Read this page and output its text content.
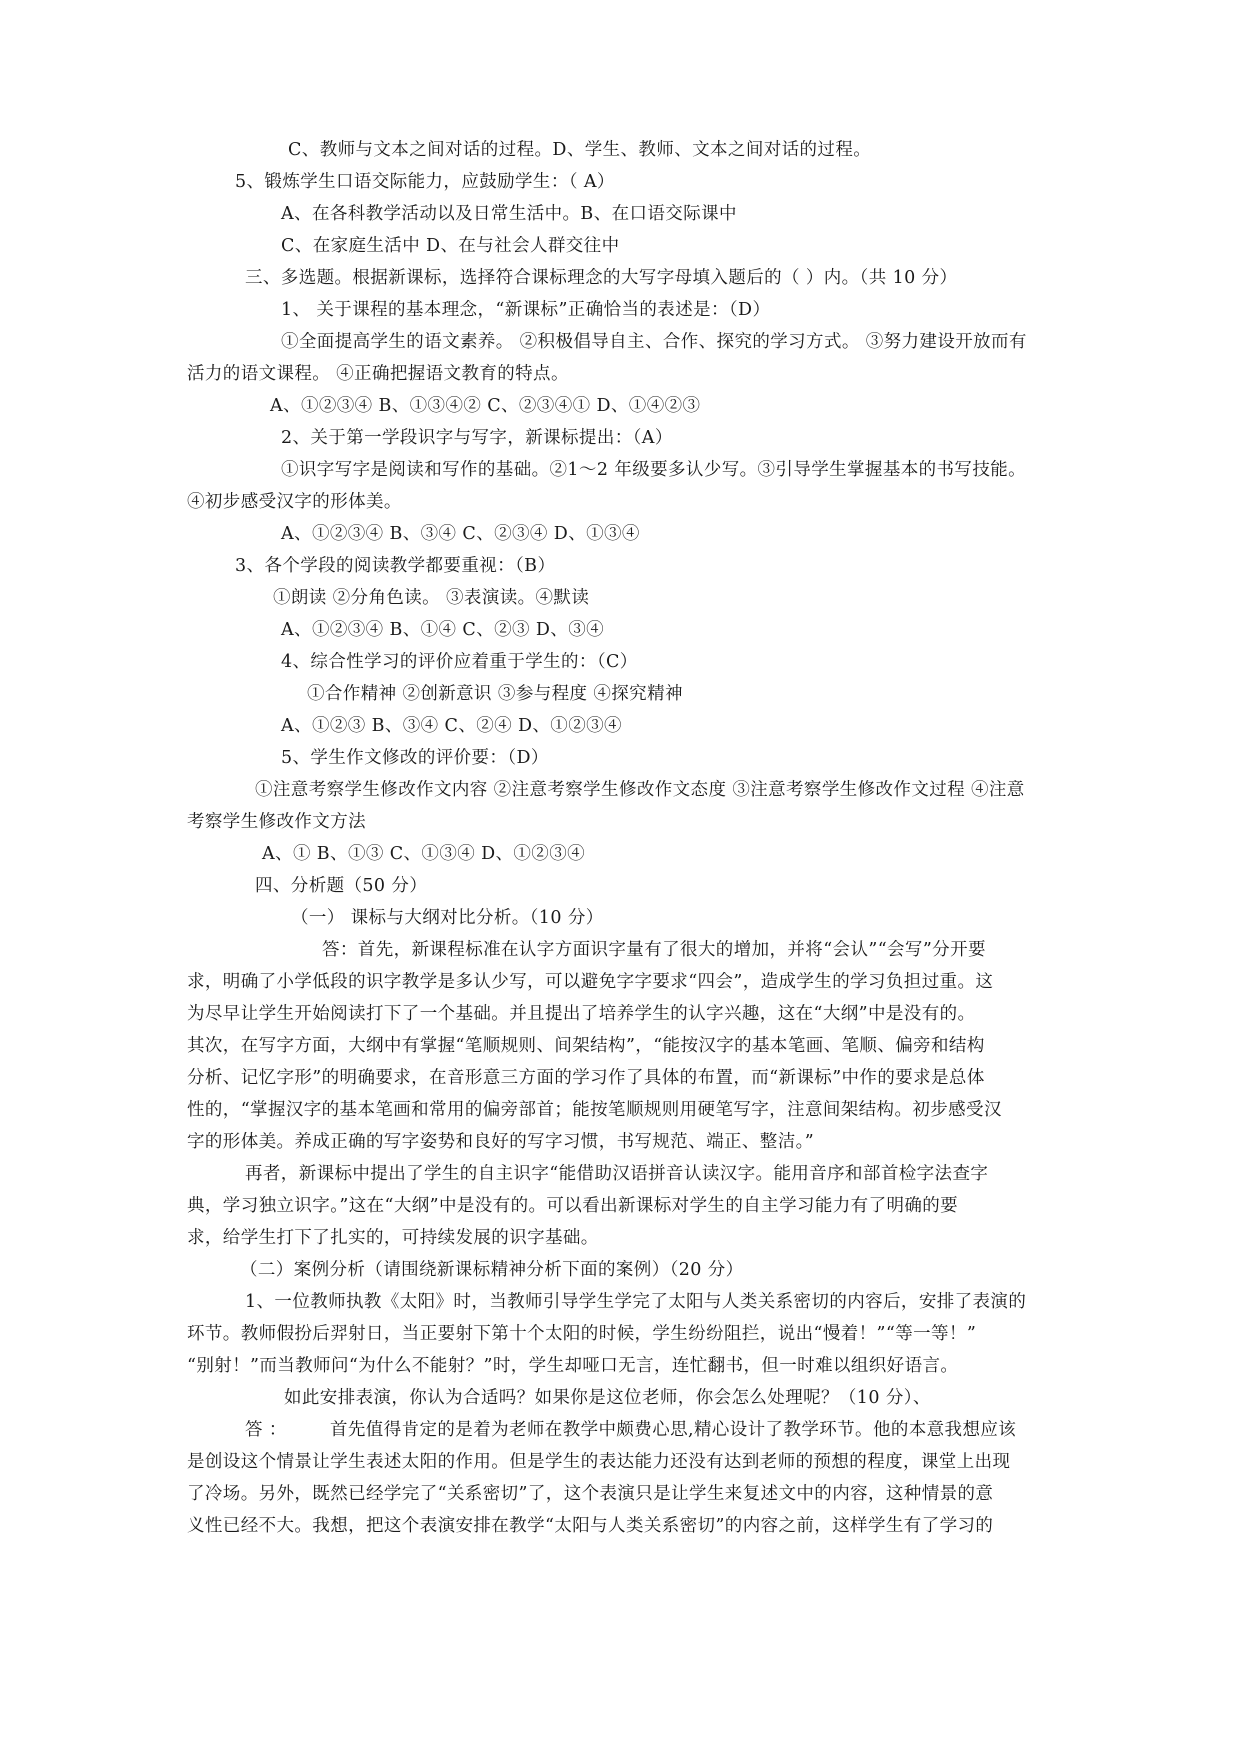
C、教师与文本之间对话的过程。D、学生、教师、文本之间对话的过程。
5、锻炼学生口语交际能力，应鼓励学生：（ A）
A、在各科教学活动以及日常生活中。B、在口语交际课中
C、在家庭生活中 D、在与社会人群交往中
三、多选题。根据新课标，选择符合课标理念的大写字母填入题后的（ ）内。（共 10 分）
1、 关于课程的基本理念，“新课标”正确恰当的表述是：（D）
①全面提高学生的语文素养。 ②积极倡导自主、合作、探究的学习方式。 ③努力建设开放而有
活力的语文课程。 ④正确把握语文教育的特点。
A、①②③④ B、①③④② C、②③④① D、①④②③
2、关于第一学段识字与写字，新课标提出：（A）
①识字写字是阅读和写作的基础。②1～2 年级要多认少写。③引导学生掌握基本的书写技能。
④初步感受汉字的形体美。
A、①②③④ B、③④ C、②③④ D、①③④
3、各个学段的阅读教学都要重视：（B）
①朗读 ②分角色读。 ③表演读。④默读
A、①②③④ B、①④ C、②③ D、③④
4、综合性学习的评价应着重于学生的：（C）
①合作精神 ②创新意识 ③参与程度 ④探究精神
A、①②③ B、③④ C、②④ D、①②③④
5、学生作文修改的评价要：（D）
①注意考察学生修改作文内容 ②注意考察学生修改作文态度 ③注意考察学生修改作文过程 ④注意
考察学生修改作文方法
A、① B、①③ C、①③④ D、①②③④
四、分析题（50 分）
（一） 课标与大纲对比分析。（10 分）
答：首先，新课程标准在认字方面识字量有了很大的增加，并将“会认”“会写”分开要
求，明确了小学低段的识字教学是多认少写，可以避免字字要求“四会”，造成学生的学习负担过重。这
为尽早让学生开始阅读打下了一个基础。并且提出了培养学生的认字兴趣，这在“大纲”中是没有的。
其次，在写字方面，大纲中有掌握“笔顺规则、间架结构”，“能按汉字的基本笔画、笔顺、偏旁和结构
分析、记忆字形”的明确要求，在音形意三方面的学习作了具体的布置，而“新课标”中作的要求是总体
性的，“掌握汉字的基本笔画和常用的偏旁部首；能按笔顺规则用硬笔写字，注意间架结构。初步感受汉
字的形体美。养成正确的写字姿势和良好的写字习惯，书写规范、端正、整洁。”
再者，新课标中提出了学生的自主识字“能借助汉语拼音认读汉字。能用音序和部首检字法查字
典，学习独立识字。”这在“大纲”中是没有的。可以看出新课标对学生的自主学习能力有了明确的要
求，给学生打下了扎实的，可持续发展的识字基础。
（二）案例分析（请围绕新课标精神分析下面的案例）（20 分）
1、一位教师执教《太阳》时，当教师引导学生学完了太阳与人类关系密切的内容后，安排了表演的
环节。教师假扮后羿射日，当正要射下第十个太阳的时候，学生纷纷阻拦，说出“慢着！”“等一等！”
“别射！”而当教师问“为什么不能射？”时，学生却哑口无言，连忙翻书，但一时难以组织好语言。
如此安排表演，你认为合适吗？如果你是这位老师，你会怎么处理呢？（10 分）、
答 ： 首先值得肯定的是着为老师在教学中颇费心思,精心设计了教学环节。他的本意我想应该
是创设这个情景让学生表述太阳的作用。但是学生的表达能力还没有达到老师的预想的程度，课堂上出现
了冷场。另外，既然已经学完了“关系密切”了，这个表演只是让学生来复述文中的内容，这种情景的意
义性已经不大。我想，把这个表演安排在教学“太阳与人类关系密切”的内容之前，这样学生有了学习的
